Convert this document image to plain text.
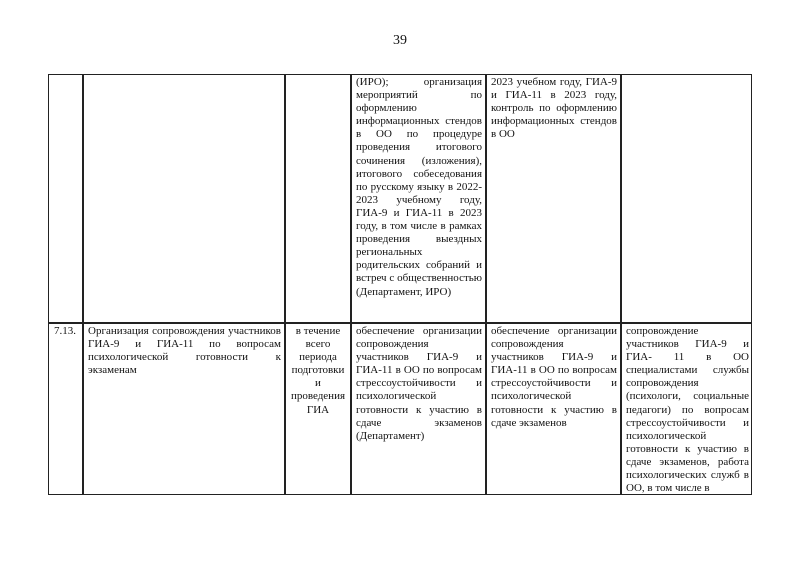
39
(ИРО); организация мероприятий по оформлению информационных стендов в ОО по процедуре проведения итогового сочинения (изложения), итогового собеседования по русскому языку в 2022-2023 учебному году, ГИА-9 и ГИА-11 в 2023 году, в том числе в рамках проведения выездных региональных родительских собраний и встреч с общественностью (Департамент, ИРО)
2023 учебном году, ГИА-9 и ГИА-11 в 2023 году, контроль по оформлению информационных стендов в ОО
7.13.	Организация сопровождения участников ГИА-9 и ГИА-11 по вопросам психологической готовности к экзаменам
в течение всего периода подготовки и проведения ГИА
обеспечение организации сопровождения участников ГИА-9 и ГИА-11 в ОО по вопросам стрессоустойчивости и психологической готовности к участию в сдаче экзаменов (Департамент)
обеспечение организации сопровождения участников ГИА-9 и ГИА-11 в ОО по вопросам стрессоустойчивости и психологической готовности к участию в сдаче экзаменов
сопровождение участников ГИА-9 и ГИА- 11 в ОО специалистами службы сопровождения (психологи, социальные педагоги) по вопросам стрессоустойчивости и психологической готовности к участию в сдаче экзаменов, работа психологических служб в ОО, в том числе в
